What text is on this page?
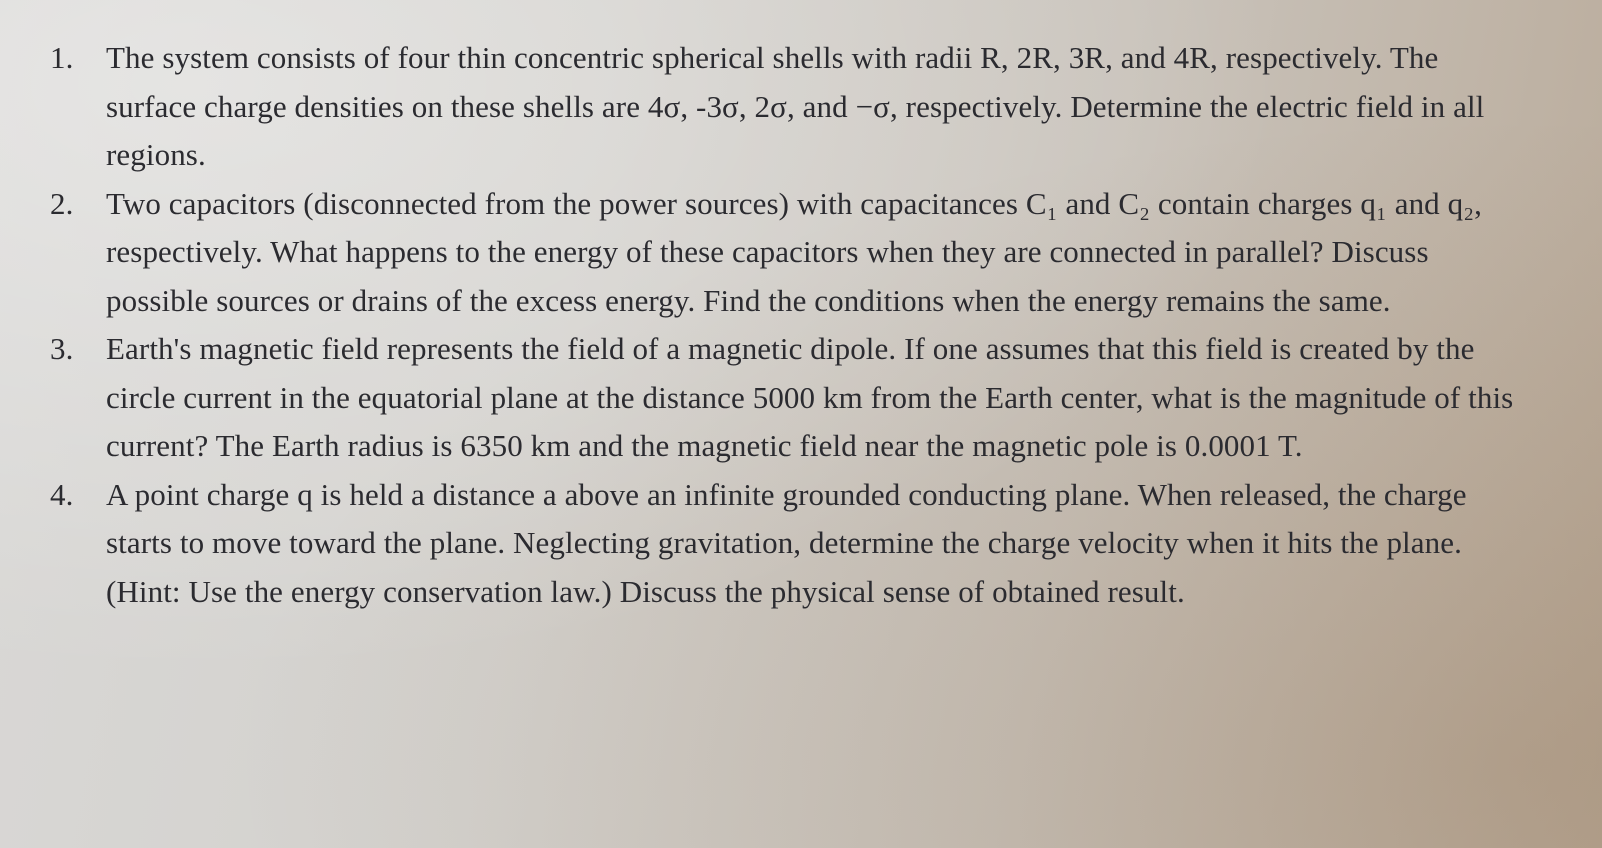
1.	The system consists of four thin concentric spherical shells with radii R, 2R, 3R, and 4R, respectively. The surface charge densities on these shells are 4σ, -3σ, 2σ, and −σ, respectively. Determine the electric field in all regions.
2.	Two capacitors (disconnected from the power sources) with capacitances C₁ and C₂ contain charges q₁ and q₂, respectively. What happens to the energy of these capacitors when they are connected in parallel? Discuss possible sources or drains of the excess energy. Find the conditions when the energy remains the same.
3.	Earth's magnetic field represents the field of a magnetic dipole. If one assumes that this field is created by the circle current in the equatorial plane at the distance 5000 km from the Earth center, what is the magnitude of this current? The Earth radius is 6350 km and the magnetic field near the magnetic pole is 0.0001 T.
4.	A point charge q is held a distance a above an infinite grounded conducting plane. When released, the charge starts to move toward the plane. Neglecting gravitation, determine the charge velocity when it hits the plane. (Hint: Use the energy conservation law.) Discuss the physical sense of obtained result.
